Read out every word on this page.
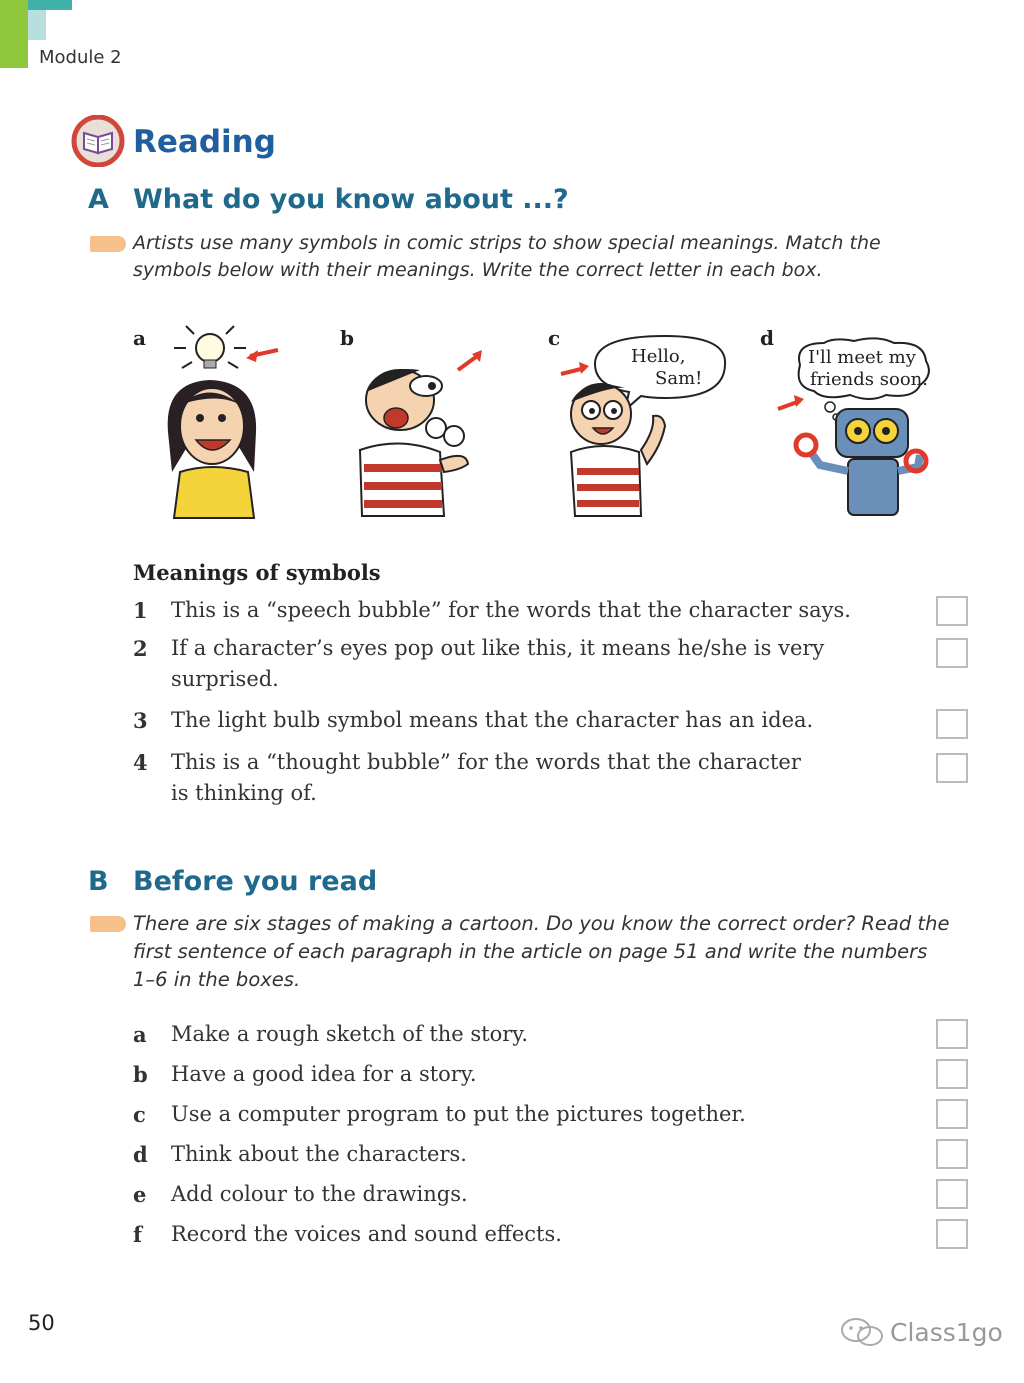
Module 2
Reading
A What do you know about ...?
Artists use many symbols in comic strips to show special meanings. Match the
symbols below with their meanings. Write the correct letter in each box.
a	b	c	d
Hello,
Sam!
I'll meet my
friends soon.
Meanings of symbols
1 This is a “speech bubble” for the words that the character says.
2 If a character’s eyes pop out like this, it means he/she is very
surprised.
3 The light bulb symbol means that the character has an idea.
4 This is a “thought bubble” for the words that the character
is thinking of.
B Before you read
There are six stages of making a cartoon. Do you know the correct order? Read the
first sentence of each paragraph in the article on page 51 and write the numbers
1–6 in the boxes.
a Make a rough sketch of the story.
b Have a good idea for a story.
c Use a computer program to put the pictures together.
d Think about the characters.
e Add colour to the drawings.
f Record the voices and sound effects.
50	Class1go
